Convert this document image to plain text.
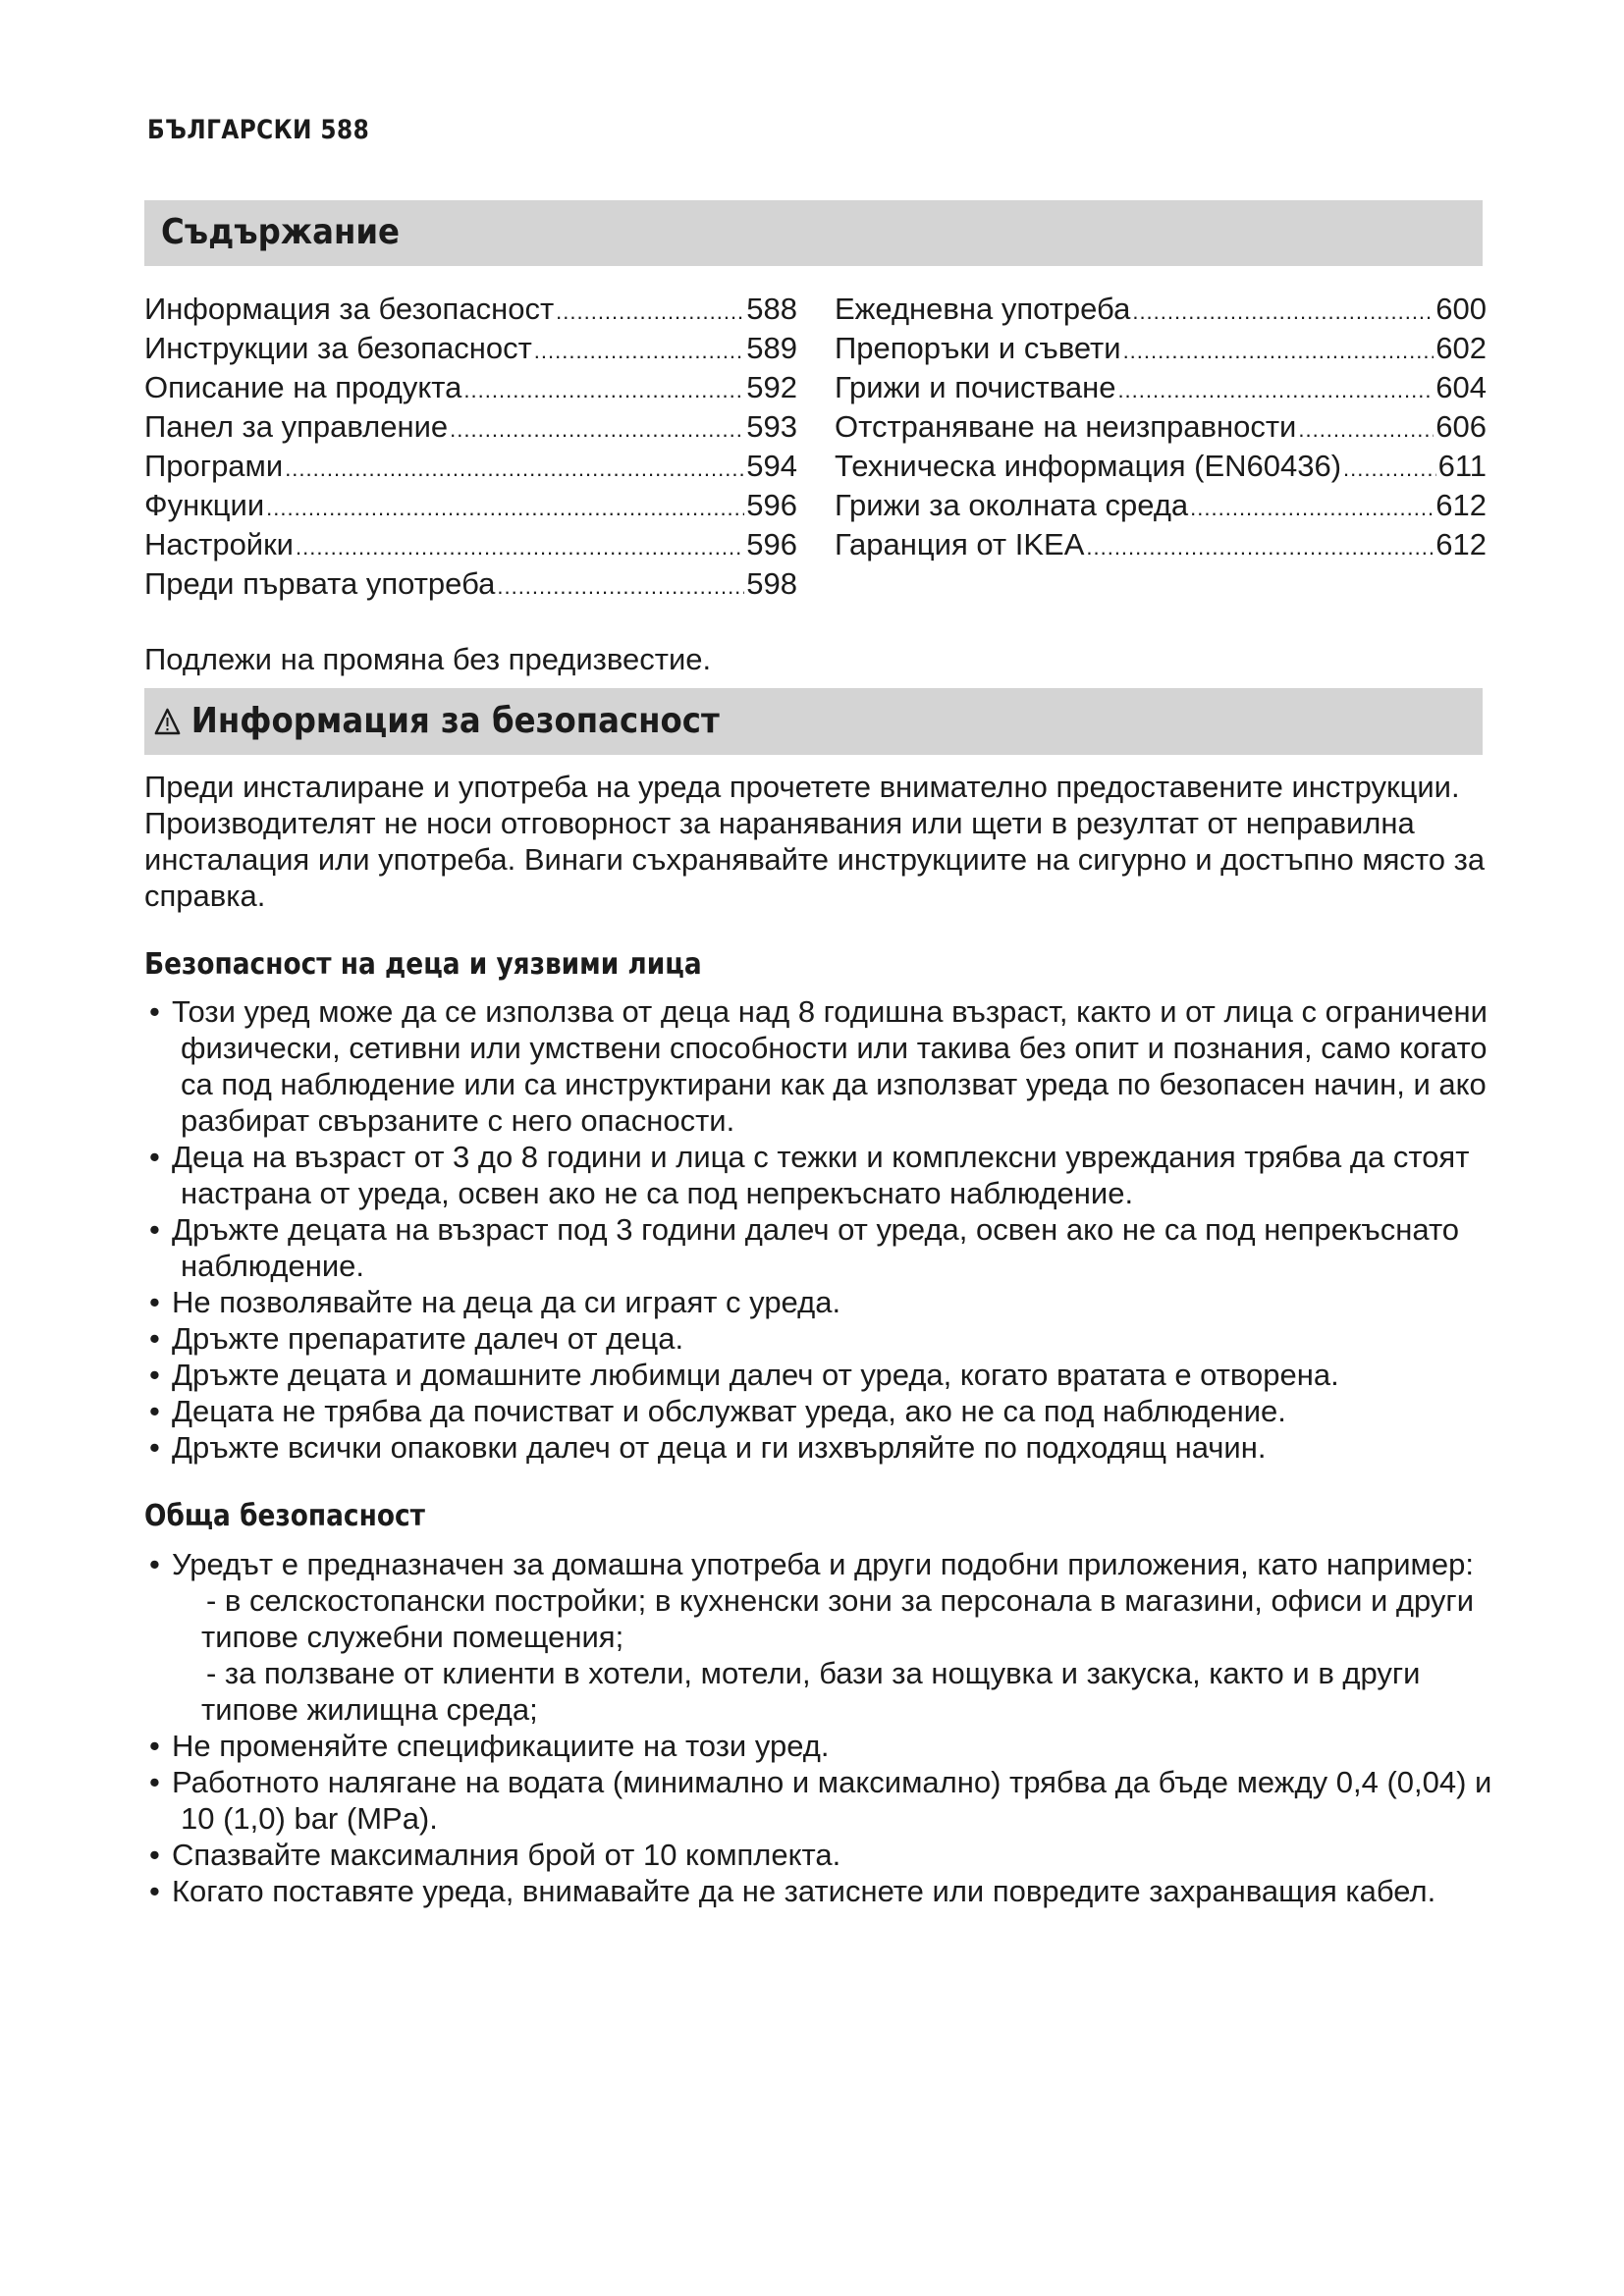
БЪЛГАРСКИ 588
Съдържание
Информация за безопасност .....	588
Инструкции за безопасност .....	589
Описание на продукта .....	592
Панел за управление .....	593
Програми .....	594
Функции .....	596
Настройки .....	596
Преди първата употреба .....	598
Ежедневна употреба .....	600
Препоръки и съвети .....	602
Грижи и почистване .....	604
Отстраняване на неизправности .....	606
Техническа информация (EN60436) .....	611
Грижи за околната среда .....	612
Гаранция от IKEA .....	612
Подлежи на промяна без предизвестие.
Информация за безопасност
Преди инсталиране и употреба на уреда прочетете внимателно предоставените инструкции. Производителят не носи отговорност за наранявания или щети в резултат от неправилна инсталация или употреба. Винаги съхранявайте инструкциите на сигурно и достъпно място за справка.
Безопасност на деца и уязвими лица
• Този уред може да се използва от деца над 8 годишна възраст, както и от лица с ограничени физически, сетивни или умствени способности или такива без опит и познания, само когато са под наблюдение или са инструктирани как да използват уреда по безопасен начин, и ако разбират свързаните с него опасности.
• Деца на възраст от 3 до 8 години и лица с тежки и комплексни увреждания трябва да стоят настрана от уреда, освен ако не са под непрекъснато наблюдение.
• Дръжте децата на възраст под 3 години далеч от уреда, освен ако не са под непрекъснато наблюдение.
• Не позволявайте на деца да си играят с уреда.
• Дръжте препаратите далеч от деца.
• Дръжте децата и домашните любимци далеч от уреда, когато вратата е отворена.
• Децата не трябва да почистват и обслужват уреда, ако не са под наблюдение.
• Дръжте всички опаковки далеч от деца и ги изхвърляйте по подходящ начин.
Обща безопасност
• Уредът е предназначен за домашна употреба и други подобни приложения, като например:
- в селскостопански постройки; в кухненски зони за персонала в магазини, офиси и други типове служебни помещения;
- за ползване от клиенти в хотели, мотели, бази за нощувка и закуска, както и в други типове жилищна среда;
• Не променяйте спецификациите на този уред.
• Работното налягане на водата (минимално и максимално) трябва да бъде между 0,4 (0,04) и 10 (1,0) bar (MPa).
• Спазвайте максималния брой от 10 комплекта.
• Когато поставяте уреда, внимавайте да не затиснете или повредите захранващия кабел.
